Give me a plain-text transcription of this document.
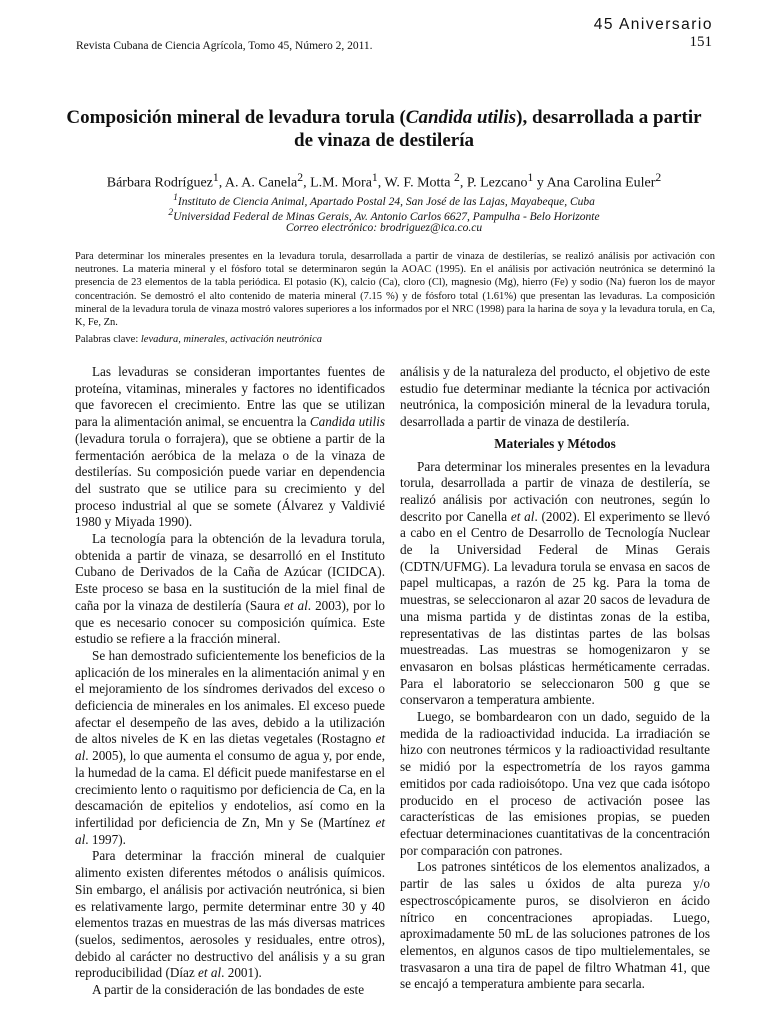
45 Aniversario
151
Revista Cubana de Ciencia Agrícola, Tomo 45, Número 2, 2011.
Composición mineral de levadura torula (Candida utilis), desarrollada a partir de vinaza de destilería
Bárbara Rodríguez$^1$, A. A. Canela$^2$, L.M. Mora$^1$, W. F. Motta $^2$, P. Lezcano$^1$ y Ana Carolina Euler$^2$
$^1$Instituto de Ciencia Animal, Apartado Postal 24, San José de las Lajas, Mayabeque, Cuba
$^2$Universidad Federal de Minas Gerais, Av. Antonio Carlos 6627, Pampulha - Belo Horizonte
Correo electrónico: brodriguez@ica.co.cu

Para determinar los minerales presentes en la levadura torula, desarrollada a partir de vinaza de destilerías, se realizó análisis por activación con neutrones. La materia mineral y el fósforo total se determinaron según la AOAC (1995). En el análisis por activación neutrónica se determinó la presencia de 23 elementos de la tabla periódica. El potasio (K), calcio (Ca), cloro (Cl), magnesio (Mg), hierro (Fe) y sodio (Na) fueron los de mayor concentración. Se demostró el alto contenido de materia mineral (7.15 %) y de fósforo total (1.61%) que presentan las levaduras. La composición mineral de la levadura torula de vinaza mostró valores superiores a los informados por el NRC (1998) para la harina de soya y la levadura torula, en Ca, K, Fe, Zn.

Palabras clave: levadura, minerales, activación neutrónica

Las levaduras se consideran importantes fuentes de proteína, vitaminas, minerales y factores no identificados que favorecen el crecimiento. Entre las que se utilizan para la alimentación animal, se encuentra la Candida utilis (levadura torula o forrajera), que se obtiene a partir de la fermentación aeróbica de la melaza o de la vinaza de destilerías. Su composición puede variar en dependencia del sustrato que se utilice para su crecimiento y del proceso industrial al que se somete (Álvarez y Valdivié 1980 y Miyada 1990).

La tecnología para la obtención de la levadura torula, obtenida a partir de vinaza, se desarrolló en el Instituto Cubano de Derivados de la Caña de Azúcar (ICIDCA). Este proceso se basa en la sustitución de la miel final de caña por la vinaza de destilería (Saura et al. 2003), por lo que es necesario conocer su composición química. Este estudio se refiere a la fracción mineral.

Se han demostrado suficientemente los beneficios de la aplicación de los minerales en la alimentación animal y en el mejoramiento de los síndromes derivados del exceso o deficiencia de minerales en los animales. El exceso puede afectar el desempeño de las aves, debido a la utilización de altos niveles de K en las dietas vegetales (Rostagno et al. 2005), lo que aumenta el consumo de agua y, por ende, la humedad de la cama. El déficit puede manifestarse en el crecimiento lento o raquitismo por deficiencia de Ca, en la descamación de epitelios y endotelios, así como en la infertilidad por deficiencia de Zn, Mn y Se (Martínez et al. 1997).

Para determinar la fracción mineral de cualquier alimento existen diferentes métodos o análisis químicos. Sin embargo, el análisis por activación neutrónica, si bien es relativamente largo, permite determinar entre 30 y 40 elementos trazas en muestras de las más diversas matrices (suelos, sedimentos, aerosoles y residuales, entre otros), debido al carácter no destructivo del análisis y a su gran reproducibilidad (Díaz et al. 2001).

A partir de la consideración de las bondades de este

análisis y de la naturaleza del producto, el objetivo de este estudio fue determinar mediante la técnica por activación neutrónica, la composición mineral de la levadura torula, desarrollada a partir de vinaza de destilería.

Materiales y Métodos

Para determinar los minerales presentes en la levadura torula, desarrollada a partir de vinaza de destilería, se realizó análisis por activación con neutrones, según lo descrito por Canella et al. (2002). El experimento se llevó a cabo en el Centro de Desarrollo de Tecnología Nuclear de la Universidad Federal de Minas Gerais (CDTN/UFMG). La levadura torula se envasa en sacos de papel multicapas, a razón de 25 kg. Para la toma de muestras, se seleccionaron al azar 20 sacos de levadura de una misma partida y de distintas zonas de la estiba, representativas de las distintas partes de las bolsas muestreadas. Las muestras se homogenizaron y se envasaron en bolsas plásticas herméticamente cerradas. Para el laboratorio se seleccionaron 500 g que se conservaron a temperatura ambiente.

Luego, se bombardearon con un dado, seguido de la medida de la radioactividad inducida. La irradiación se hizo con neutrones térmicos y la radioactividad resultante se midió por la espectrometría de los rayos gamma emitidos por cada radioisótopo. Una vez que cada isótopo producido en el proceso de activación posee las características de las emisiones propias, se pueden efectuar determinaciones cuantitativas de la concentración por comparación con patrones.

Los patrones sintéticos de los elementos analizados, a partir de las sales u óxidos de alta pureza y/o espectroscópicamente puros, se disolvieron en ácido nítrico en concentraciones apropiadas. Luego, aproximadamente 50 mL de las soluciones patrones de los elementos, en algunos casos de tipo multielementales, se trasvasaron a una tira de papel de filtro Whatman 41, que se encajó a temperatura ambiente para secarla.
